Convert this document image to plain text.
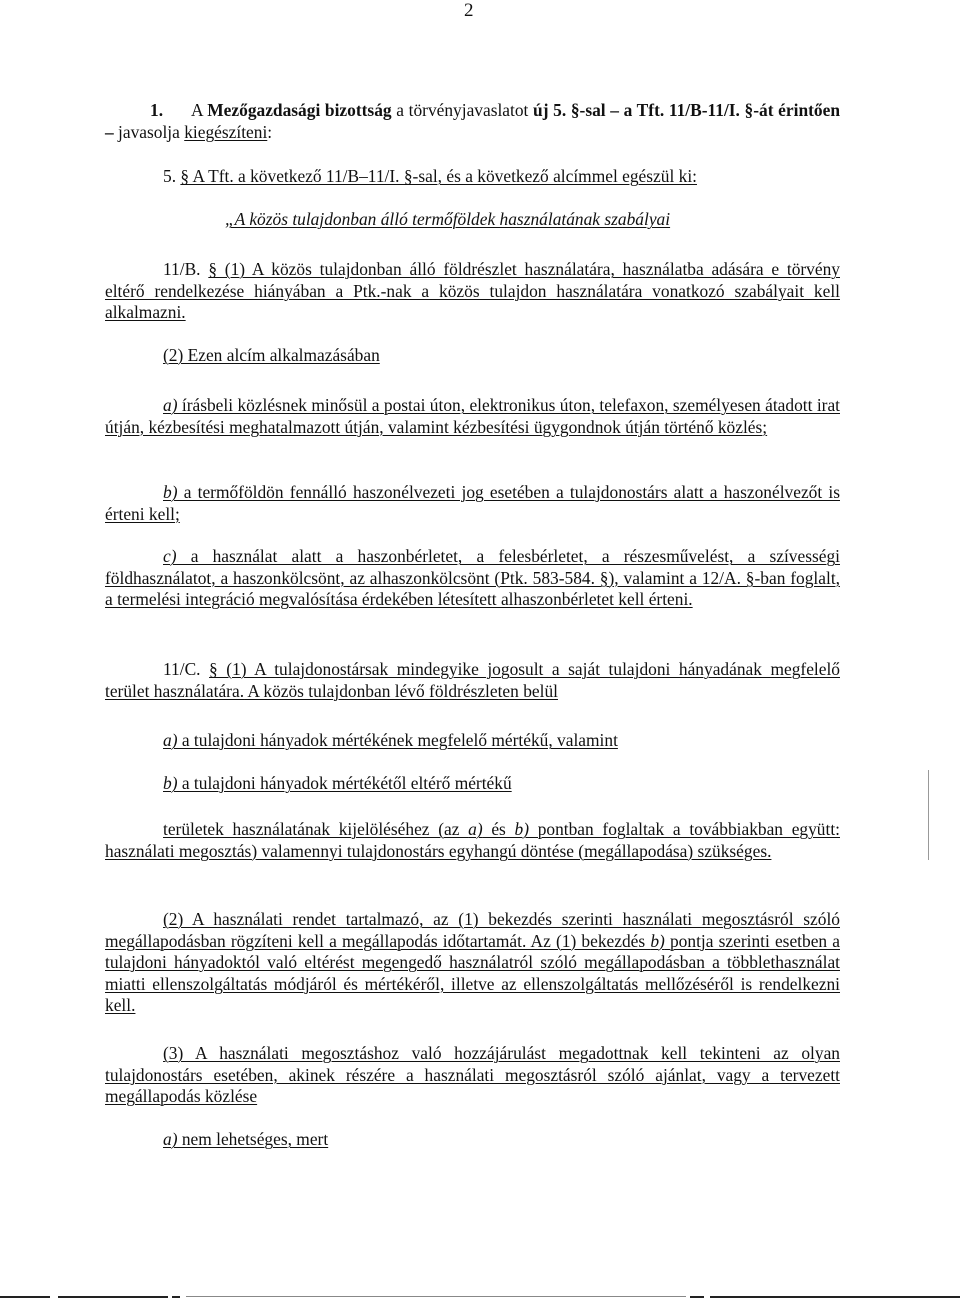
2
1. A Mezőgazdasági bizottság a törvényjavaslatot új 5. §-sal – a Tft. 11/B-11/I. §-át érintően – javasolja kiegészíteni:
5. § A Tft. a következő 11/B–11/I. §-sal, és a következő alcímmel egészül ki:
„A közös tulajdonban álló termőföldek használatának szabályai
11/B. § (1) A közös tulajdonban álló földrészlet használatára, használatba adására e törvény eltérő rendelkezése hiányában a Ptk.-nak a közös tulajdon használatára vonatkozó szabályait kell alkalmazni.
(2) Ezen alcím alkalmazásában
a) írásbeli közlésnek minősül a postai úton, elektronikus úton, telefaxon, személyesen átadott irat útján, kézbesítési meghatalmazott útján, valamint kézbesítési ügygondnok útján történő közlés;
b) a termőföldön fennálló haszonélvezeti jog esetében a tulajdonostárs alatt a haszonélvezőt is érteni kell;
c) a használat alatt a haszonbérletet, a felesbérletet, a részesművelést, a szívességi földhasználatot, a haszonkölcsönt, az alhaszonkölcsönt (Ptk. 583-584. §), valamint a 12/A. §-ban foglalt, a termelési integráció megvalósítása érdekében létesített alhaszonbérletet kell érteni.
11/C. § (1) A tulajdonostársak mindegyike jogosult a saját tulajdoni hányadának megfelelő terület használatára. A közös tulajdonban lévő földrészleten belül
a) a tulajdoni hányadok mértékének megfelelő mértékű, valamint
b) a tulajdoni hányadok mértékétől eltérő mértékű
területek használatának kijelöléséhez (az a) és b) pontban foglaltak a továbbiakban együtt: használati megosztás) valamennyi tulajdonostárs egyhangú döntése (megállapodása) szükséges.
(2) A használati rendet tartalmazó, az (1) bekezdés szerinti használati megosztásról szóló megállapodásban rögzíteni kell a megállapodás időtartamát. Az (1) bekezdés b) pontja szerinti esetben a tulajdoni hányadoktól való eltérést megengedő használatról szóló megállapodásban a többlethasználat miatti ellenszolgáltatás módjáról és mértékéről, illetve az ellenszolgáltatás mellőzéséről is rendelkezni kell.
(3) A használati megosztáshoz való hozzájárulást megadottnak kell tekinteni az olyan tulajdonostárs esetében, akinek részére a használati megosztásról szóló ajánlat, vagy a tervezett megállapodás közlése
a) nem lehetséges, mert
